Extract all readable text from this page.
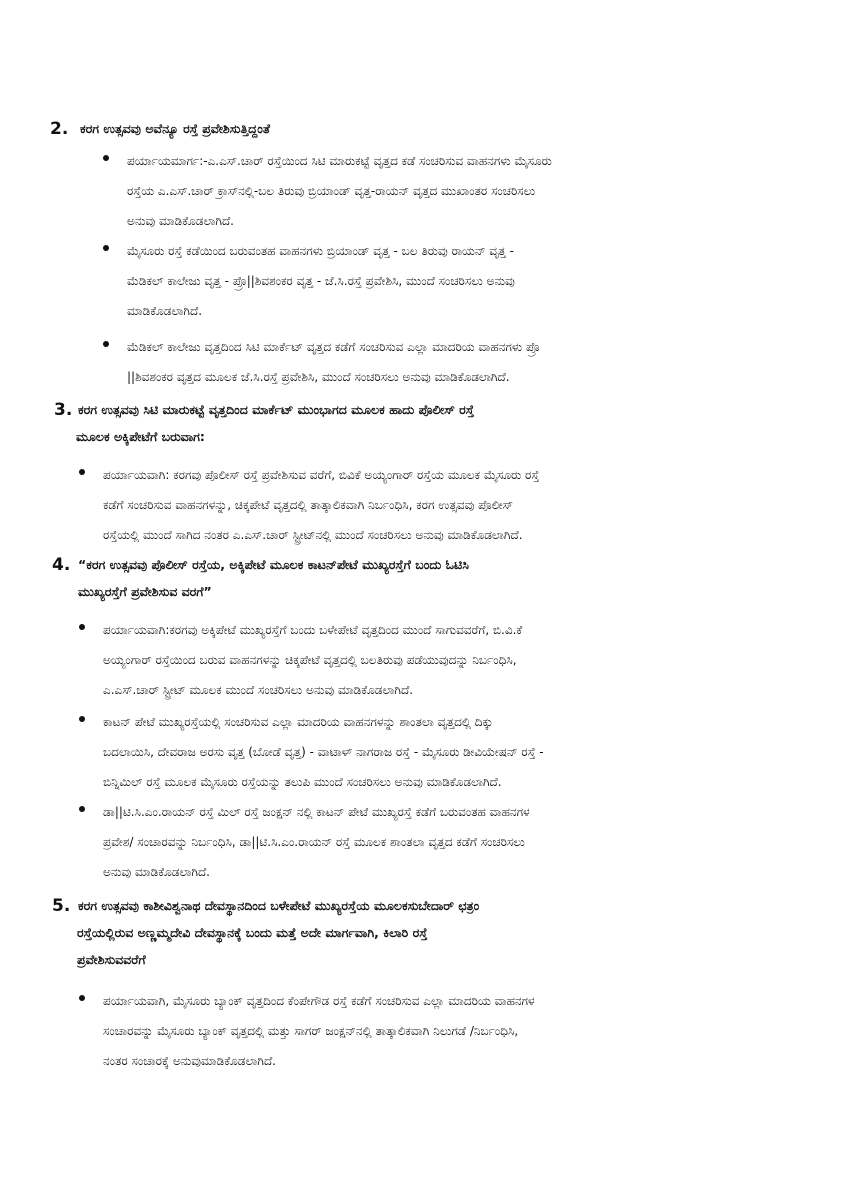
2. ಕರಗ ಉತ್ಸವವು ಅವೆನ್ಯೂ ರಸ್ತೆ ಪ್ರವೇಶಿಸುತ್ತಿದ್ದಂತೆ
ಪರ್ಯಾಯಮಾರ್ಗ:-ಎ.ಎಸ್.ಚಾರ್ ರಸ್ತೆಯಿಂದ ಸಿಟಿ ಮಾರುಕಟ್ಟೆ ವೃತ್ತದ ಕಡೆ ಸಂಚರಿಸುವ ವಾಹನಗಳು ಮೈಸೂರು
ರಸ್ತೆಯ ಎ.ಎಸ್.ಚಾರ್ ಕ್ರಾಸ್‌ನಲ್ಲಿ-ಬಲ ತಿರುವು ಬ್ರಿಯಾಂಡ್ ವೃತ್ತ-ರಾಯನ್ ವೃತ್ತದ ಮುಖಾಂತರ ಸಂಚರಿಸಲು
ಅನುವು ಮಾಡಿಕೊಡಲಾಗಿದೆ.
ಮೈಸೂರು ರಸ್ತೆ ಕಡೆಯಿಂದ ಬರುವಂತಹ ವಾಹನಗಳು ಬ್ರಿಯಾಂಡ್ ವೃತ್ತ - ಬಲ ತಿರುವು ರಾಯನ್ ವೃತ್ತ -
ಮೆಡಿಕಲ್ ಕಾಲೇಜು ವೃತ್ತ - ಪ್ರೊ||ಶಿವಶಂಕರ ವೃತ್ತ - ಜೆ.ಸಿ.ರಸ್ತೆ ಪ್ರವೇಶಿಸಿ, ಮುಂದೆ ಸಂಚರಿಸಲು ಅನುವು
ಮಾಡಿಕೊಡಲಾಗಿದೆ.
ಮೆಡಿಕಲ್ ಕಾಲೇಜು ವೃತ್ತದಿಂದ ಸಿಟಿ ಮಾರ್ಕೆಟ್ ವೃತ್ತದ ಕಡೆಗೆ ಸಂಚರಿಸುವ ಎಲ್ಲಾ ಮಾದರಿಯ ವಾಹನಗಳು ಪ್ರೊ
||ಶಿವಶಂಕರ ವೃತ್ತದ ಮೂಲಕ ಜೆ.ಸಿ.ರಸ್ತೆ ಪ್ರವೇಶಿಸಿ, ಮುಂದೆ ಸಂಚರಿಸಲು ಅನುವು ಮಾಡಿಕೊಡಲಾಗಿದೆ.
3. ಕರಗ ಉತ್ಸವವು ಸಿಟಿ ಮಾರುಕಟ್ಟೆ ವೃತ್ತದಿಂದ ಮಾರ್ಕೆಟ್ ಮುಂಭಾಗದ ಮೂಲಕ ಹಾದು ಪೊಲೀಸ್ ರಸ್ತೆ
ಮೂಲಕ ಅಕ್ಕಿಪೇಟೆಗೆ ಬರುವಾಗ:
ಪರ್ಯಾಯವಾಗಿ: ಕರಗವು ಪೊಲೀಸ್ ರಸ್ತೆ ಪ್ರವೇಶಿಸುವ ವರೆಗೆ, ಬಿವಿಕೆ ಅಯ್ಯಂಗಾರ್ ರಸ್ತೆಯ ಮೂಲಕ ಮೈಸೂರು ರಸ್ತೆ
ಕಡೆಗೆ ಸಂಚರಿಸುವ ವಾಹನಗಳನ್ನು, ಚಿಕ್ಕಪೇಟೆ ವೃತ್ತದಲ್ಲಿ ತಾತ್ಕಾಲಿಕವಾಗಿ ನಿರ್ಬಂಧಿಸಿ, ಕರಗ ಉತ್ಸವವು ಪೊಲೀಸ್
ರಸ್ತೆಯಲ್ಲಿ ಮುಂದೆ ಸಾಗಿದ ನಂತರ ಎ.ಎಸ್.ಚಾರ್ ಸ್ಟ್ರೀಟ್‌ನಲ್ಲಿ ಮುಂದೆ ಸಂಚರಿಸಲು ಅನುವು ಮಾಡಿಕೊಡಲಾಗಿದೆ.
4. “ಕರಗ ಉತ್ಸವವು ಪೊಲೀಸ್ ರಸ್ತೆಯ, ಅಕ್ಕಿಪೇಟೆ ಮೂಲಕ ಕಾಟನ್‌ಪೇಟೆ ಮುಖ್ಯರಸ್ತೆಗೆ ಬಂದು ಓಟಿಸಿ
ಮುಖ್ಯರಸ್ತೆಗೆ ಪ್ರವೇಶಿಸುವ ವರಗೆ”
ಪರ್ಯಾಯವಾಗಿ:ಕರಗವು ಅಕ್ಕಿಪೇಟೆ ಮುಖ್ಯರಸ್ತೆಗೆ ಬಂದು ಬಳೇಪೇಟೆ ವೃತ್ತದಿಂದ ಮುಂದೆ ಸಾಗುವವರೆಗೆ, ಬಿ.ವಿ.ಕೆ
ಅಯ್ಯಂಗಾರ್ ರಸ್ತೆಯಿಂದ ಬರುವ ವಾಹನಗಳನ್ನು ಚಿಕ್ಕಪೇಟೆ ವೃತ್ತದಲ್ಲಿ ಬಲತಿರುವು ಪಡೆಯುವುದನ್ನು ನಿರ್ಬಂಧಿಸಿ,
ಎ.ಎಸ್.ಚಾರ್ ಸ್ಟ್ರೀಟ್ ಮೂಲಕ ಮುಂದೆ ಸಂಚರಿಸಲು ಅನುವು ಮಾಡಿಕೊಡಲಾಗಿದೆ.
ಕಾಟನ್ ಪೇಟೆ ಮುಖ್ಯರಸ್ತೆಯಲ್ಲಿ ಸಂಚರಿಸುವ ಎಲ್ಲಾ ಮಾದರಿಯ ವಾಹನಗಳನ್ನು ಶಾಂತಲಾ ವೃತ್ತದಲ್ಲಿ ದಿಕ್ಕು
ಬದಲಾಯಿಸಿ, ದೇವರಾಜ ಅರಸು ವೃತ್ತ (ಬೋಡೆ ವೃತ್ತ) - ವಾಟಾಳ್ ನಾಗರಾಜ ರಸ್ತೆ - ಮೈಸೂರು ಡೀವಿಯೇಷನ್ ರಸ್ತೆ -
ಬಿನ್ನಿಮಿಲ್ ರಸ್ತೆ ಮೂಲಕ ಮೈಸೂರು ರಸ್ತೆಯನ್ನು ತಲುಪಿ ಮುಂದೆ ಸಂಚರಿಸಲು ಅನುವು ಮಾಡಿಕೊಡಲಾಗಿದೆ.
ಡಾ||ಟಿ.ಸಿ.ಎಂ.ರಾಯನ್ ರಸ್ತೆ ಮಿಲ್ ರಸ್ತೆ ಜಂಕ್ಷನ್ ನಲ್ಲಿ ಕಾಟನ್ ಪೇಟೆ ಮುಖ್ಯರಸ್ತೆ ಕಡೆಗೆ ಬರುವಂತಹ ವಾಹನಗಳ
ಪ್ರವೇಶ/ ಸಂಚಾರವನ್ನು ನಿರ್ಬಂಧಿಸಿ, ಡಾ||ಟಿ.ಸಿ.ಎಂ.ರಾಯನ್ ರಸ್ತೆ ಮೂಲಕ ಶಾಂತಲಾ ವೃತ್ತದ ಕಡೆಗೆ ಸಂಚರಿಸಲು
ಅನುವು ಮಾಡಿಕೊಡಲಾಗಿದೆ.
5. ಕರಗ ಉತ್ಸವವು ಕಾಶೀವಿಶ್ವನಾಥ ದೇವಸ್ಥಾನದಿಂದ ಬಳೇಪೇಟೆ ಮುಖ್ಯರಸ್ತೆಯ ಮೂಲಕಸುಬೇದಾರ್ ಛತ್ರಂ
ರಸ್ತೆಯಲ್ಲಿರುವ ಅಣ್ಣಮ್ಮದೇವಿ ದೇವಸ್ಥಾನಕ್ಕೆ ಬಂದು ಮತ್ತೆ ಅದೇ ಮಾರ್ಗವಾಗಿ, ಕಿಲಾರಿ ರಸ್ತೆ
ಪ್ರವೇಶಿಸುವವರೆಗೆ
ಪರ್ಯಾಯವಾಗಿ, ಮೈಸೂರು ಬ್ಯಾಂಕ್ ವೃತ್ತದಿಂದ ಕೆಂಪೇಗೌಡ ರಸ್ತೆ ಕಡೆಗೆ ಸಂಚರಿಸುವ ಎಲ್ಲಾ ಮಾದರಿಯ ವಾಹನಗಳ
ಸಂಚಾರವನ್ನು ಮೈಸೂರು ಬ್ಯಾಂಕ್ ವೃತ್ತದಲ್ಲಿ ಮತ್ತು ಸಾಗರ್ ಜಂಕ್ಷನ್‌ನಲ್ಲಿ ತಾತ್ಕಾಲಿಕವಾಗಿ ನಿಲುಗಡೆ /ನಿರ್ಬಂಧಿಸಿ,
ನಂತರ ಸಂಚಾರಕ್ಕೆ ಅನುವುಮಾಡಿಕೊಡಲಾಗಿದೆ.
